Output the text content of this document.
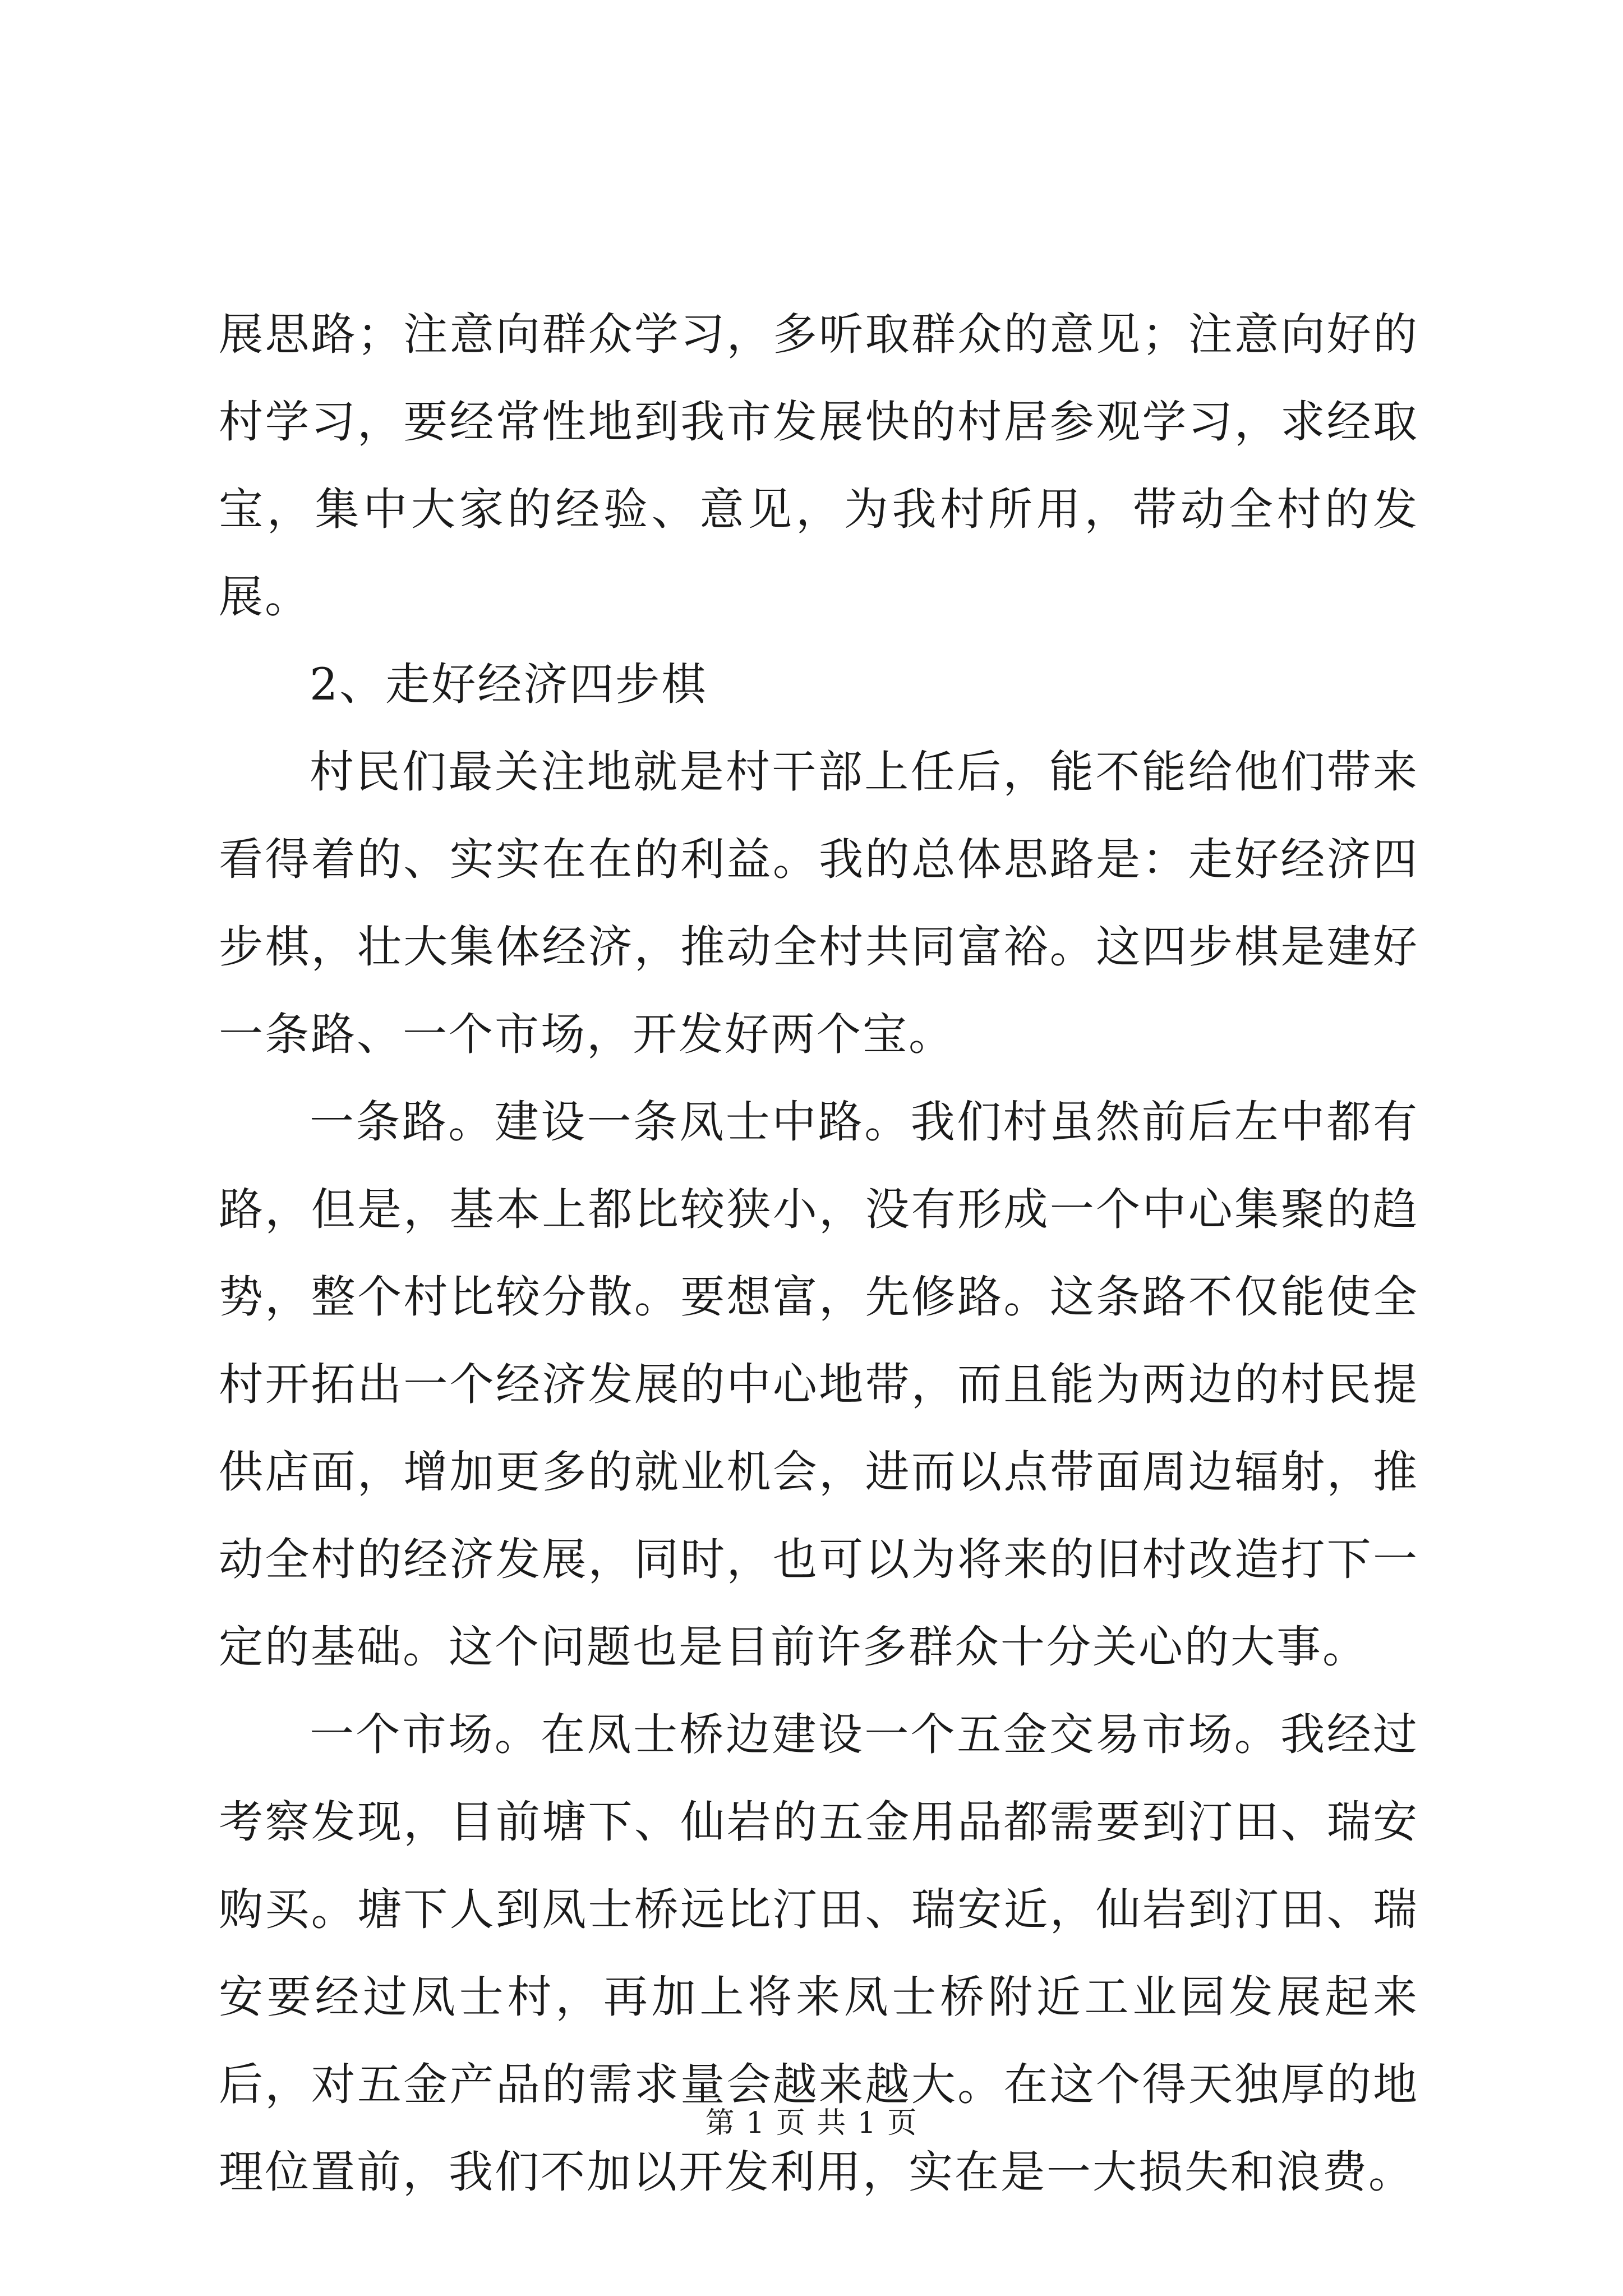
展思路；注意向群众学习，多听取群众的意见；注意向好的村学习，要经常性地到我市发展快的村居参观学习，求经取宝，集中大家的经验、意见，为我村所用，带动全村的发展。

2、走好经济四步棋

村民们最关注地就是村干部上任后，能不能给他们带来看得着的、实实在在的利益。我的总体思路是：走好经济四步棋，壮大集体经济，推动全村共同富裕。这四步棋是建好一条路、一个市场，开发好两个宝。

一条路。建设一条凤士中路。我们村虽然前后左中都有路，但是，基本上都比较狭小，没有形成一个中心集聚的趋势，整个村比较分散。要想富，先修路。这条路不仅能使全村开拓出一个经济发展的中心地带，而且能为两边的村民提供店面，增加更多的就业机会，进而以点带面周边辐射，推动全村的经济发展，同时，也可以为将来的旧村改造打下一定的基础。这个问题也是目前许多群众十分关心的大事。

一个市场。在凤士桥边建设一个五金交易市场。我经过考察发现，目前塘下、仙岩的五金用品都需要到汀田、瑞安购买。塘下人到凤士桥远比汀田、瑞安近，仙岩到汀田、瑞安要经过凤士村，再加上将来凤士桥附近工业园发展起来后，对五金产品的需求量会越来越大。在这个得天独厚的地理位置前，我们不加以开发利用，实在是一大损失和浪费。

第 1 页 共 1 页
